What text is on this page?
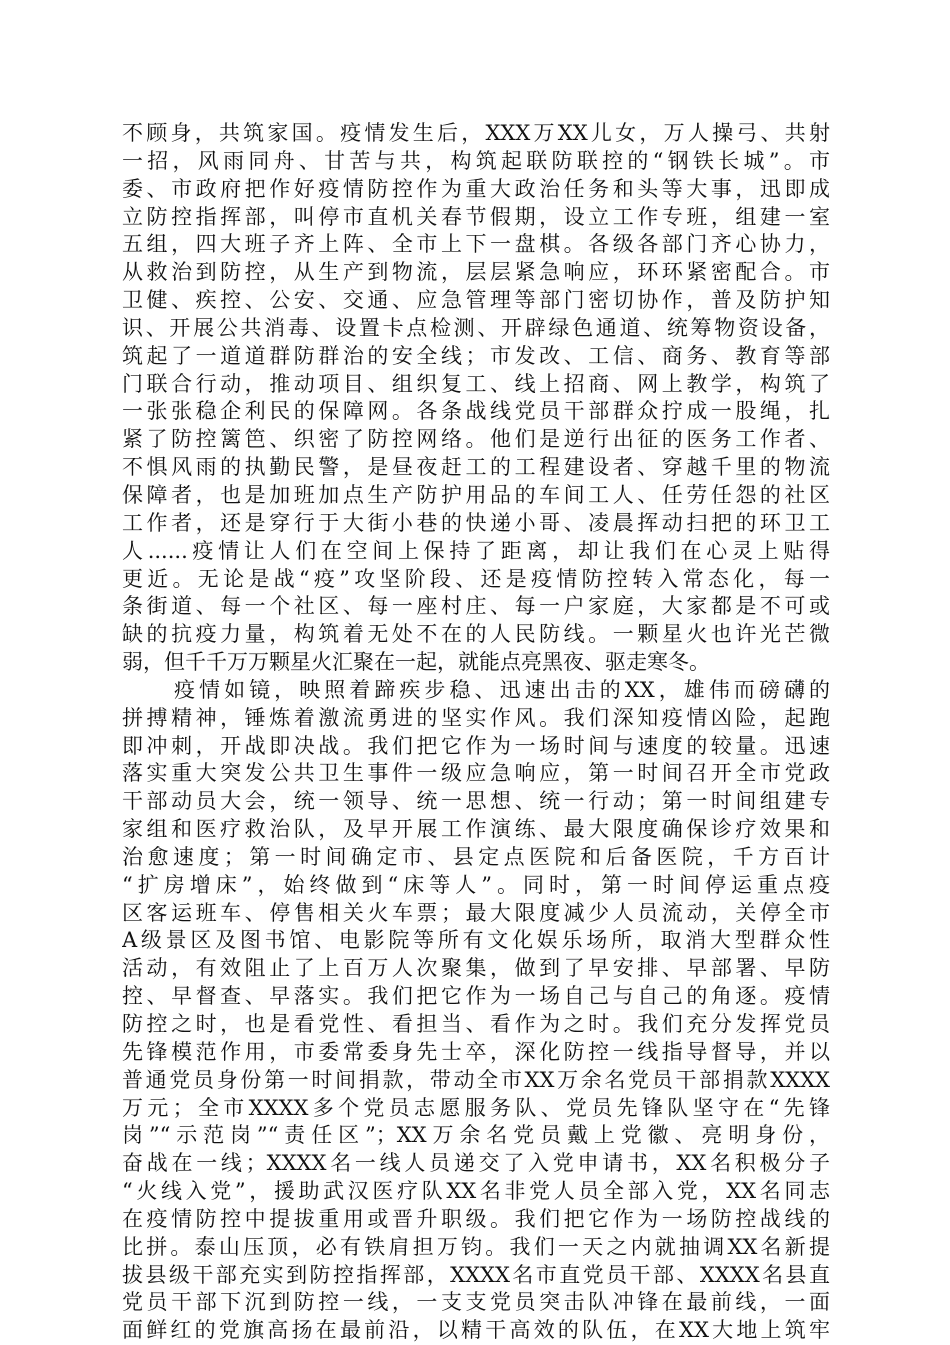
不顾身，共筑家国。疫情发生后，XXX万XX儿女，万人操弓、共射
一招，风雨同舟、甘苦与共，构筑起联防联控的“钢铁长城”。市
委、市政府把作好疫情防控作为重大政治任务和头等大事，迅即成
立防控指挥部，叫停市直机关春节假期，设立工作专班，组建一室
五组，四大班子齐上阵、全市上下一盘棋。各级各部门齐心协力，
从救治到防控，从生产到物流，层层紧急响应，环环紧密配合。市
卫健、疾控、公安、交通、应急管理等部门密切协作，普及防护知
识、开展公共消毒、设置卡点检测、开辟绿色通道、统筹物资设备，
筑起了一道道群防群治的安全线；市发改、工信、商务、教育等部
门联合行动，推动项目、组织复工、线上招商、网上教学，构筑了
一张张稳企利民的保障网。各条战线党员干部群众拧成一股绳，扎
紧了防控篱笆、织密了防控网络。他们是逆行出征的医务工作者、
不惧风雨的执勤民警，是昼夜赶工的工程建设者、穿越千里的物流
保障者，也是加班加点生产防护用品的车间工人、任劳任怨的社区
工作者，还是穿行于大街小巷的快递小哥、凌晨挥动扫把的环卫工
人......疫情让人们在空间上保持了距离，却让我们在心灵上贴得
更近。无论是战“疫”攻坚阶段、还是疫情防控转入常态化，每一
条街道、每一个社区、每一座村庄、每一户家庭，大家都是不可或
缺的抗疫力量，构筑着无处不在的人民防线。一颗星火也许光芒微
弱，但千千万万颗星火汇聚在一起，就能点亮黑夜、驱走寒冬。
疫情如镜，映照着蹄疾步稳、迅速出击的XX，雄伟而磅礴的
拼搏精神，锤炼着激流勇进的坚实作风。我们深知疫情凶险，起跑
即冲刺，开战即决战。我们把它作为一场时间与速度的较量。迅速
落实重大突发公共卫生事件一级应急响应，第一时间召开全市党政
干部动员大会，统一领导、统一思想、统一行动；第一时间组建专
家组和医疗救治队，及早开展工作演练、最大限度确保诊疗效果和
治愈速度；第一时间确定市、县定点医院和后备医院，千方百计
“扩房增床”，始终做到“床等人”。同时，第一时间停运重点疫
区客运班车、停售相关火车票；最大限度减少人员流动，关停全市
A级景区及图书馆、电影院等所有文化娱乐场所，取消大型群众性
活动，有效阻止了上百万人次聚集，做到了早安排、早部署、早防
控、早督查、早落实。我们把它作为一场自己与自己的角逐。疫情
防控之时，也是看党性、看担当、看作为之时。我们充分发挥党员
先锋模范作用，市委常委身先士卒，深化防控一线指导督导，并以
普通党员身份第一时间捐款，带动全市XX万余名党员干部捐款XXXX
万元；全市XXXX多个党员志愿服务队、党员先锋队坚守在“先锋
岗”“示范岗”“责任区”；XX万余名党员戴上党徽、亮明身份，
奋战在一线；XXXX名一线人员递交了入党申请书，XX名积极分子
“火线入党”，援助武汉医疗队XX名非党人员全部入党，XX名同志
在疫情防控中提拔重用或晋升职级。我们把它作为一场防控战线的
比拼。泰山压顶，必有铁肩担万钧。我们一天之内就抽调XX名新提
拔县级干部充实到防控指挥部，XXXX名市直党员干部、XXXX名县直
党员干部下沉到防控一线，一支支党员突击队冲锋在最前线，一面
面鲜红的党旗高扬在最前沿，以精干高效的队伍，在XX大地上筑牢
